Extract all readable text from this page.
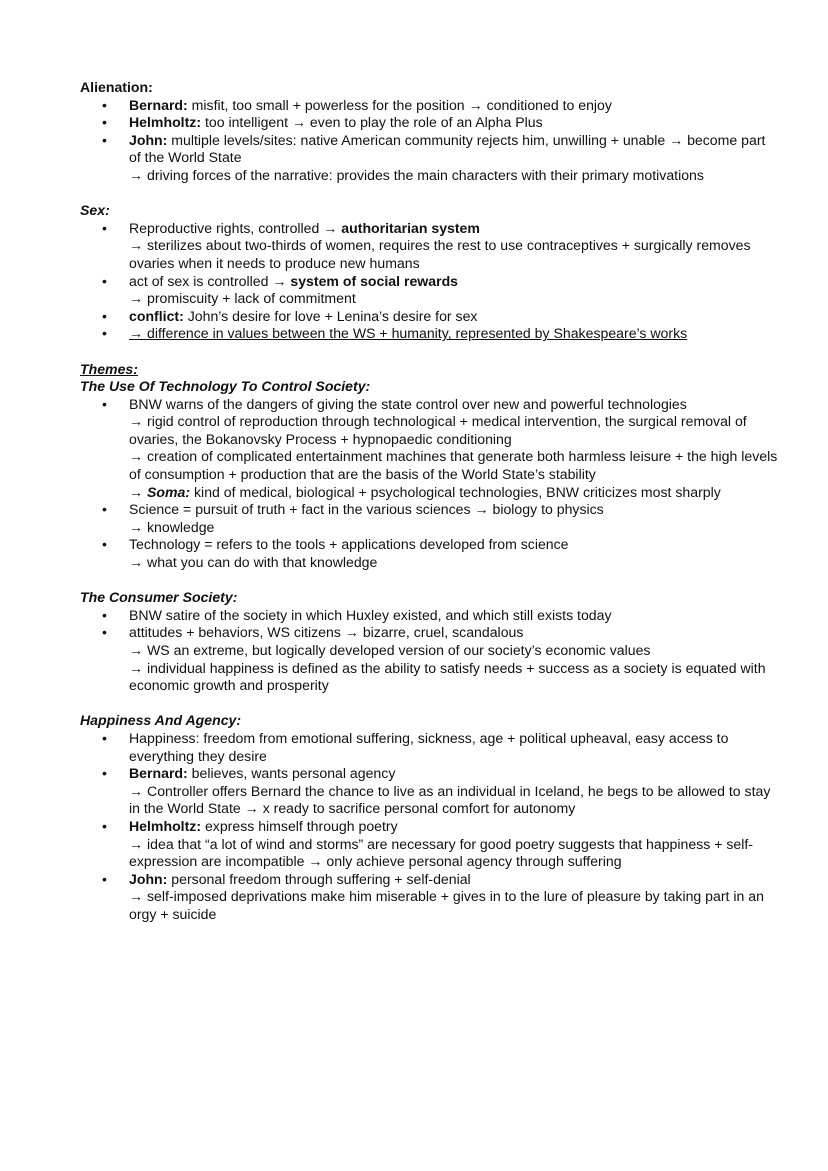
Alienation:
• Bernard: misfit, too small + powerless for the position → conditioned to enjoy
• Helmholtz: too intelligent → even to play the role of an Alpha Plus
• John: multiple levels/sites: native American community rejects him, unwilling + unable → become part of the World State
→ driving forces of the narrative: provides the main characters with their primary motivations
Sex:
• Reproductive rights, controlled → authoritarian system
→ sterilizes about two-thirds of women, requires the rest to use contraceptives + surgically removes ovaries when it needs to produce new humans
• act of sex is controlled → system of social rewards
→ promiscuity + lack of commitment
• conflict: John’s desire for love + Lenina’s desire for sex
• → difference in values between the WS + humanity, represented by Shakespeare’s works
Themes:
The Use Of Technology To Control Society:
• BNW warns of the dangers of giving the state control over new and powerful technologies
→ rigid control of reproduction through technological + medical intervention, the surgical removal of ovaries, the Bokanovsky Process + hypnopaedic conditioning
→ creation of complicated entertainment machines that generate both harmless leisure + the high levels of consumption + production that are the basis of the World State’s stability
→ Soma: kind of medical, biological + psychological technologies, BNW criticizes most sharply
• Science = pursuit of truth + fact in the various sciences → biology to physics
→ knowledge
• Technology = refers to the tools + applications developed from science
→ what you can do with that knowledge
The Consumer Society:
• BNW satire of the society in which Huxley existed, and which still exists today
• attitudes + behaviors, WS citizens → bizarre, cruel, scandalous
→ WS an extreme, but logically developed version of our society’s economic values
→ individual happiness is defined as the ability to satisfy needs + success as a society is equated with economic growth and prosperity
Happiness And Agency:
• Happiness: freedom from emotional suffering, sickness, age + political upheaval, easy access to everything they desire
• Bernard: believes, wants personal agency
→ Controller offers Bernard the chance to live as an individual in Iceland, he begs to be allowed to stay in the World State → x ready to sacrifice personal comfort for autonomy
• Helmholtz: express himself through poetry
→ idea that “a lot of wind and storms” are necessary for good poetry suggests that happiness + self-expression are incompatible → only achieve personal agency through suffering
• John: personal freedom through suffering + self-denial
→ self-imposed deprivations make him miserable + gives in to the lure of pleasure by taking part in an orgy + suicide
